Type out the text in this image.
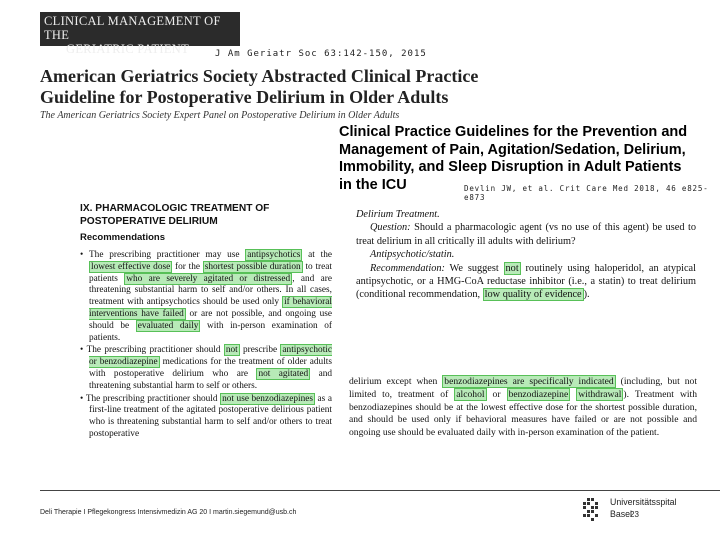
CLINICAL MANAGEMENT OF THE
GERIATRIC PATIENT	J Am Geriatr Soc 63:142-150, 2015
American Geriatrics Society Abstracted Clinical Practice
Guideline for Postoperative Delirium in Older Adults
The American Geriatrics Society Expert Panel on Postoperative Delirium in Older Adults
Clinical Practice Guidelines for the Prevention and
Management of Pain, Agitation/Sedation, Delirium,
Immobility, and Sleep Disruption in Adult Patients
in the ICU	Devlin JW, et al. Crit Care Med 2018, 46 e825-e873
IX. PHARMACOLOGIC TREATMENT OF
POSTOPERATIVE DELIRIUM
Recommendations

• The prescribing practitioner may use antipsychotics at the lowest effective dose for the shortest possible duration to treat patients who are severely agitated or distressed , and are threatening substantial harm to self and/or others. In all cases, treatment with antipsychotics should be used only if behavioral interventions have failed or are not possible, and ongoing use should be evaluated daily with in-person examination of patients.

• The prescribing practitioner should not prescribe antipsychotic or benzodiazepine medications for the treatment of older adults with postoperative delirium who are not agitated and threatening substantial harm to self or others.

• The prescribing practitioner should not use benzodiazepines as a first-line treatment of the agitated postoperative delirious patient who is threatening substantial harm to self and/or others to treat postoperative

Delirium Treatment.

Question: Should a pharmacologic agent (vs no use of this agent) be used to treat delirium in all critically ill adults with delirium?

Antipsychotic/statin.

Recommendation: We suggest not routinely using haloperidol, an atypical antipsychotic, or a HMG-CoA reductase inhibitor (i.e., a statin) to treat delirium (conditional recommendation, low quality of evidence ).

delirium except when benzodiazepines are specifically indicated (including, but not limited to, treatment of alcohol or benzodiazepine withdrawal ). Treatment with benzodiazepines should be at the lowest effective dose for the shortest possible duration, and should be used only if behavioral measures have failed or are not possible and ongoing use should be evaluated daily with in-person examination of the patient.
Deli Therapie I Pflegekongress Intensivmedizin AG 20 I martin.siegemund@usb.ch
Universitätsspital
Basel
23
